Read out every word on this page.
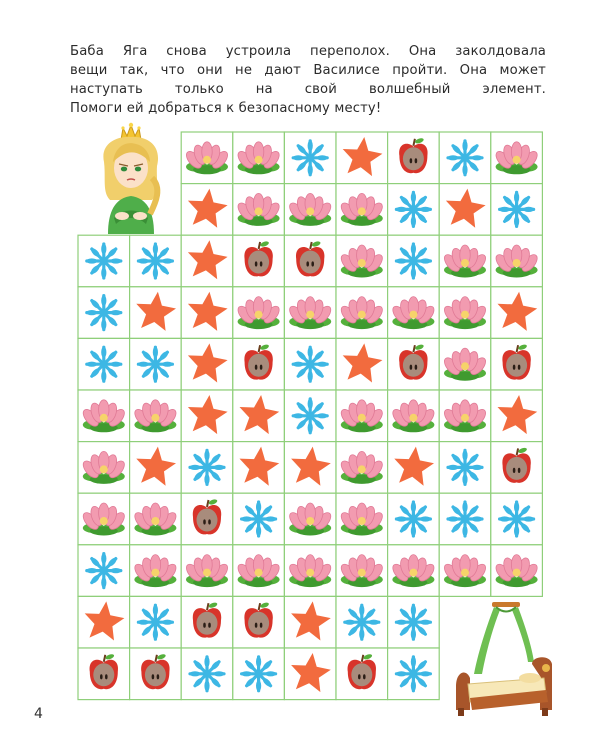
Баба Яга снова устроила переполох. Она заколдовала
вещи так, что они не дают Василисе пройти. Она может
наступать только на свой волшебный элемент.
Помоги ей добраться к безопасному месту!
4
